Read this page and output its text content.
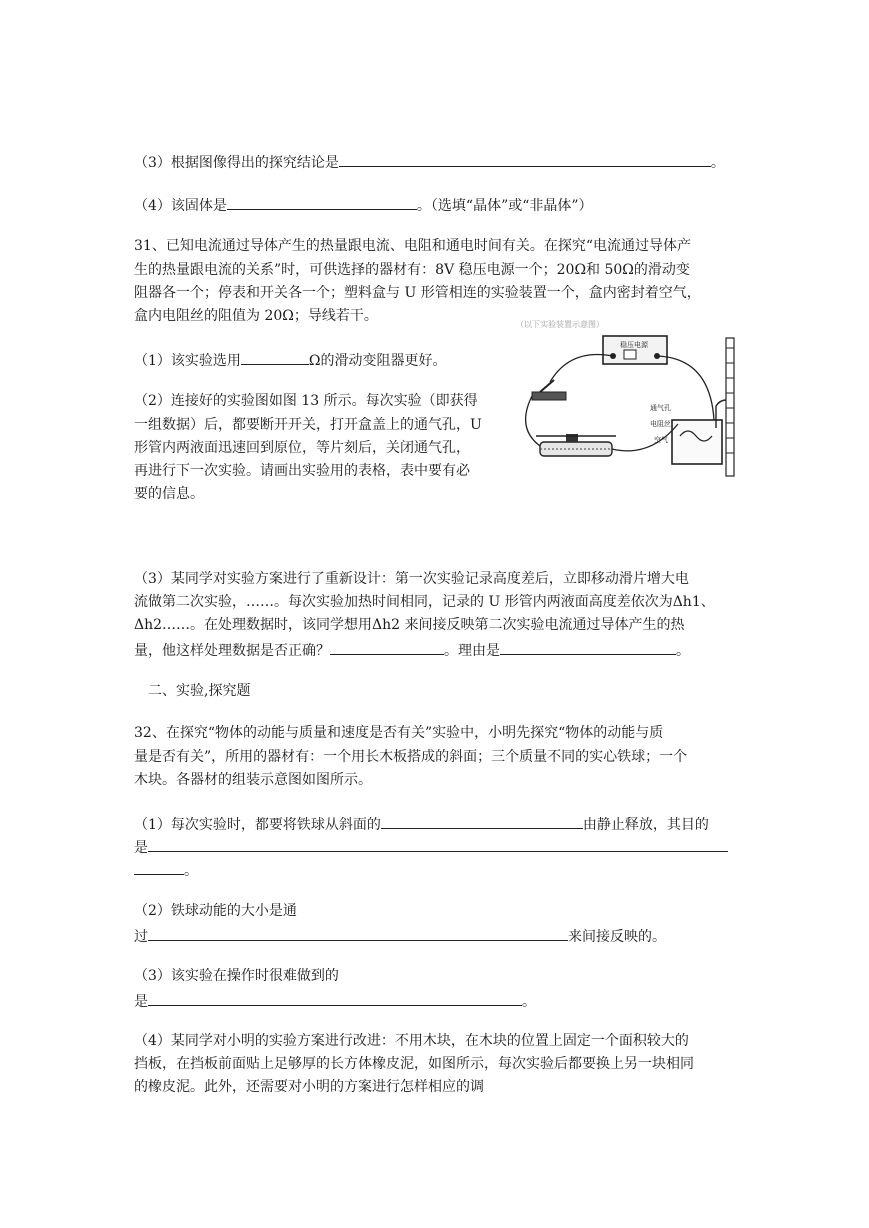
（3）根据图像得出的探究结论是	。
（4）该固体是	。（选填“晶体”或“非晶体”）
31、已知电流通过导体产生的热量跟电流、电阻和通电时间有关。在探究“电流通过导体产
生的热量跟电流的关系”时，可供选择的器材有：8V 稳压电源一个；20Ω和 50Ω的滑动变
阻器各一个；停表和开关各一个；塑料盒与 U 形管相连的实验装置一个，盒内密封着空气，
盒内电阻丝的阻值为 20Ω；导线若干。
（1）该实验选用	Ω的滑动变阻器更好。
（2）连接好的实验图如图 13 所示。每次实验（即获得
一组数据）后，都要断开开关，打开盒盖上的通气孔，U
形管内两液面迅速回到原位，等片刻后，关闭通气孔，
再进行下一次实验。请画出实验用的表格，表中要有必
要的信息。
（以下实验装置示意图）
稳压电源
通气孔
电阻丝
空气
（3）某同学对实验方案进行了重新设计：第一次实验记录高度差后，立即移动滑片增大电
流做第二次实验，……。每次实验加热时间相同，记录的 U 形管内两液面高度差依次为Δh1、
Δh2……。在处理数据时，该同学想用Δh2 来间接反映第二次实验电流通过导体产生的热
量，他这样处理数据是否正确？	。理由是	。
二、实验,探究题
32、在探究“物体的动能与质量和速度是否有关”实验中，小明先探究“物体的动能与质
量是否有关”，所用的器材有：一个用长木板搭成的斜面；三个质量不同的实心铁球；一个
木块。各器材的组装示意图如图所示。
（1）每次实验时，都要将铁球从斜面的	由静止释放，其目的
是
。
（2）铁球动能的大小是通
过	来间接反映的。
（3）该实验在操作时很难做到的
是	。
（4）某同学对小明的实验方案进行改进：不用木块，在木块的位置上固定一个面积较大的
挡板，在挡板前面贴上足够厚的长方体橡皮泥，如图所示，每次实验后都要换上另一块相同
的橡皮泥。此外，还需要对小明的方案进行怎样相应的调
